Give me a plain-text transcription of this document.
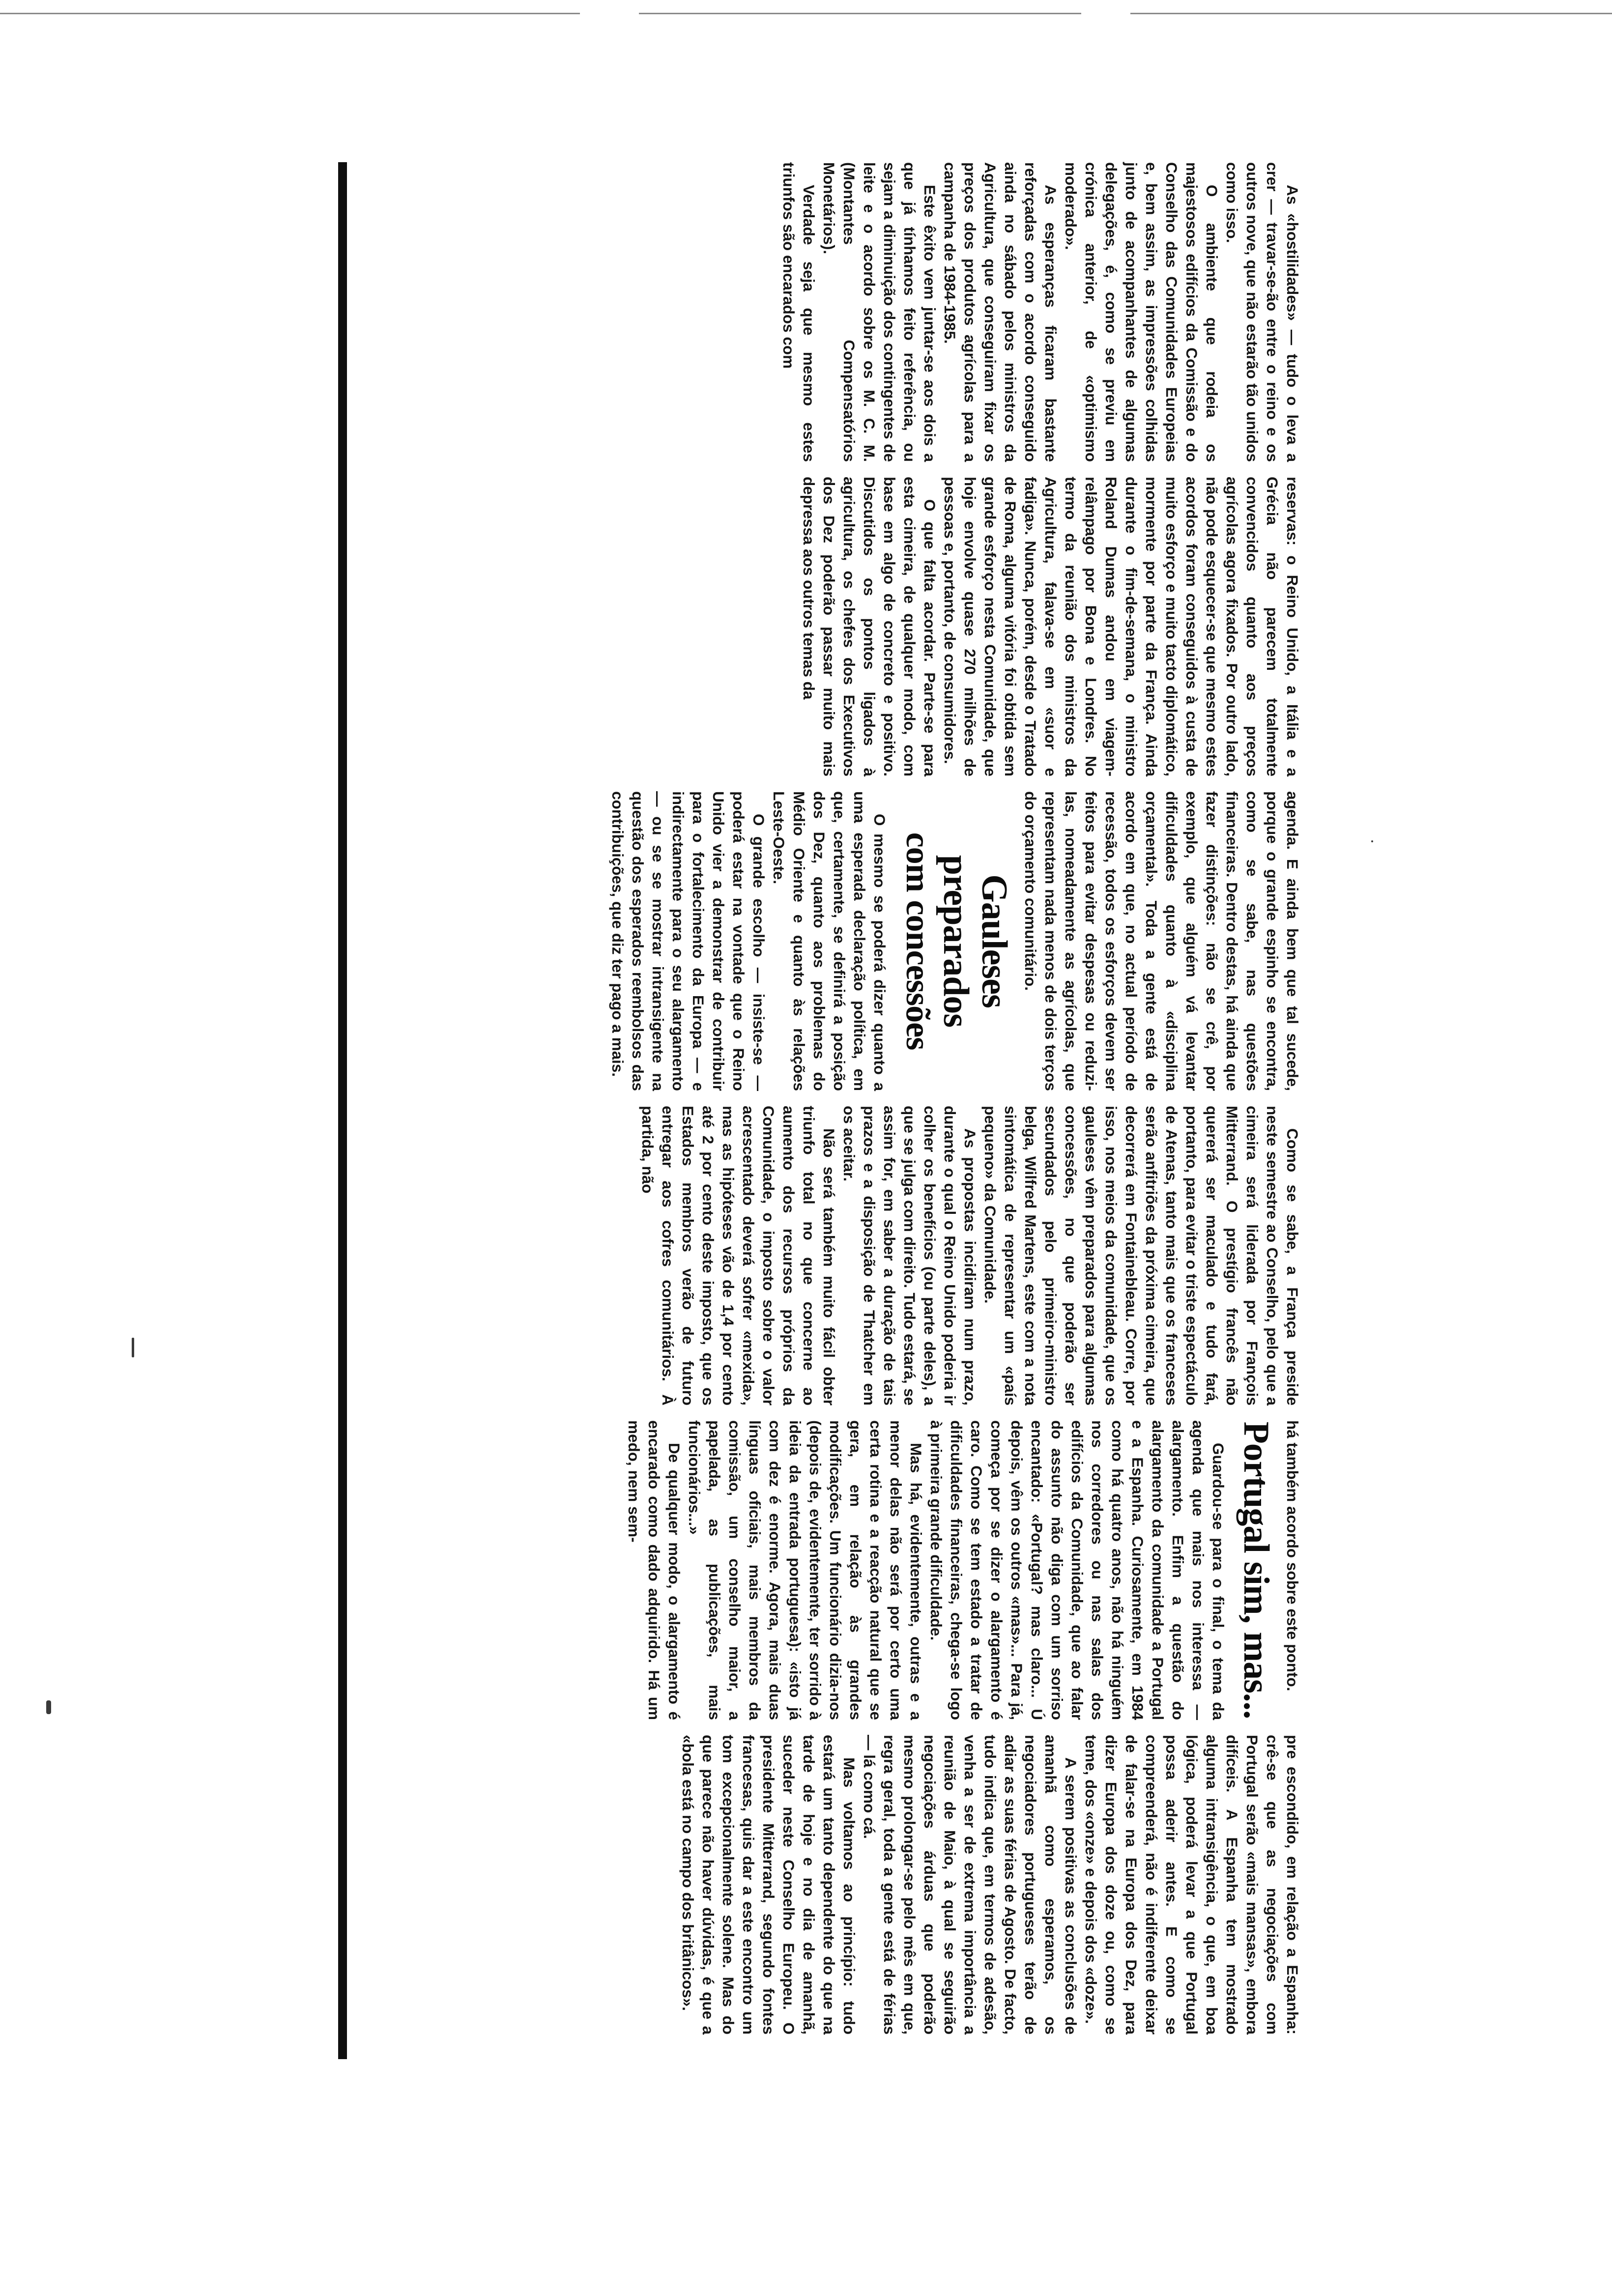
As «hostilidades» — tudo o leva a crer — travar-se-ão entre o reino e os outros nove, que não estarão tão unidos como isso.

O ambiente que rodeia os majestosos edifícios da Comissão e do Conselho das Comunidades Europeias e, bem assim, as impressões colhidas junto de acompanhantes de algumas delegações, é, como se previu em crónica anterior, de «optimismo moderado».

As esperanças ficaram bastante reforçadas com o acordo conseguido ainda no sábado pelos ministros da Agricultura, que conseguiram fixar os preços dos produtos agrícolas para a campanha de 1984-1985.

Este êxito vem juntar-se aos dois a que já tínhamos feito referência, ou sejam a diminuição dos contingentes de leite e o acordo sobre os M. C. M. (Montantes Compensatórios Monetários).

Verdade seja que mesmo estes triunfos são encarados com

reservas: o Reino Unido, a Itália e a Grécia não parecem totalmente convencidos quanto aos preços agrícolas agora fixados. Por outro lado, não pode esquecer-se que mesmo estes acordos foram conseguidos à custa de muito esforço e muito tacto diplomático, mormente por parte da França. Ainda durante o fim-de-semana, o ministro Roland Dumas andou em viagem-relâmpago por Bona e Londres. No termo da reunião dos ministros da Agricultura, falava-se em «suor e fadiga». Nunca, porém, desde o Tratado de Roma, alguma vitória foi obtida sem grande esforço nesta Comunidade, que hoje envolve quase 270 milhões de pessoas e, portanto, de consumidores.

O que falta acordar. Parte-se para esta cimeira, de qualquer modo, com base em algo de concreto e positivo. Discutidos os pontos ligados à agricultura, os chefes dos Executivos dos Dez poderão passar muito mais depressa aos outros temas da

agenda. E ainda bem que tal sucede, porque o grande espinho se encontra, como se sabe, nas questões financeiras. Dentro destas, há ainda que fazer distinções: não se crê, por exemplo, que alguém vá levantar dificuldades quanto à «disciplina orçamental». Toda a gente está de acordo em que, no actual período de recessão, todos os esforços devem ser feitos para evitar despesas ou reduzi-las, nomeadamente as agrícolas, que representam nada menos de dois terços do orçamento comunitário.

Gauleses preparados
com concessões

O mesmo se poderá dizer quanto a uma esperada declaração política, em que, certamente, se definirá a posição dos Dez, quanto aos problemas do Médio Oriente e quanto às relações Leste-Oeste.

O grande escolho — insiste-se — poderá estar na vontade que o Reino Unido vier a demonstrar de contribuir para o fortalecimento da Europa — e indirectamente para o seu alargamento — ou se se mostrar intransigente na questão dos esperados reembolsos das contribuições, que diz ter pago a mais.

Como se sabe, a França preside neste semestre ao Conselho, pelo que a cimeira será liderada por François Mitterrand. O prestígio francês não quererá ser maculado e tudo fará, portanto, para evitar o triste espectáculo de Atenas, tanto mais que os franceses serão anfitriões da próxima cimeira, que decorrerá em Fontainebleau. Corre, por isso, nos meios da comunidade, que os gauleses vêm preparados para algumas concessões, no que poderão ser secundados pelo primeiro-ministro belga, Wilfred Martens, este com a nota sintomática de representar um «país pequeno» da Comunidade.

As propostas incidiram num prazo, durante o qual o Reino Unido poderia ir colher os benefícios (ou parte deles), a que se julga com direito. Tudo estará, se assim for, em saber a duração de tais prazos e a disposição de Thatcher em os aceitar.

Não será também muito fácil obter triunfo total no que concerne ao aumento dos recursos próprios da Comunidade, o imposto sobre o valor acrescentado deverá sofrer «mexida», mas as hipóteses vão de 1,4 por cento até 2 por cento deste imposto, que os Estados membros verão de futuro entregar aos cofres comunitários. À partida, não

há também acordo sobre este ponto.

Portugal sim, mas...

Guardou-se para o final, o tema da agenda que mais nos interessa — alargamento. Enfim a questão do alargamento da comunidade a Portugal e a Espanha. Curiosamente, em 1984 como há quatro anos, não há ninguém nos corredores ou nas salas dos edifícios da Comunidade, que ao falar do assunto não diga com um sorriso encantado: «Portugal? mas claro... Ú depois, vêm os outros «mas»... Para já, começa por se dizer o alargamento é caro. Como se tem estado a tratar de dificuldades financeiras, chega-se logo à primeira grande dificuldade.

Mas há, evidentemente, outras e a menor delas não será por certo uma certa rotina e a reacção natural que se gera, em relação às grandes modificações. Um funcionário dizia-nos (depois de, evidentemente, ter sorrido à ideia da entrada portuguesa): «isto já com dez é enorme. Agora, mais duas línguas oficiais, mais membros da comissão, um conselho maior, a papelada, as publicações, mais funcionários...»

De qualquer modo, o alargamento é encarado como dado adquirido. Há um medo, nem sem-

pre escondido, em relação a Espanha: crê-se que as negociações com Portugal serão «mais mansas», embora difíceis. A Espanha tem mostrado alguma intransigência, o que, em boa lógica, poderá levar a que Portugal possa aderir antes. E como se compreenderá, não é indiferente deixar de falar-se na Europa dos Dez, para dizer Europa dos doze ou, como se teme, dos «onze» e depois dos «doze».

A serem positivas as conclusões de amanhã como esperamos, os negociadores portugueses terão de adiar as suas férias de Agosto. De facto, tudo indica que, em termos de adesão, venha a ser de extrema importância a reunião de Maio, à qual se seguirão negociações árduas que poderão mesmo prolongar-se pelo mês em que, regra geral, toda a gente está de férias — lá como cá.

Mas voltamos ao princípio: tudo estará um tanto dependente do que na tarde de hoje e no dia de amanhã, suceder neste Conselho Europeu. O presidente Mitterrand, segundo fontes francesas, quis dar a este encontro um tom excepcionalmente solene. Mas do que parece não haver dúvidas, é que a «bola está no campo dos britânicos».
